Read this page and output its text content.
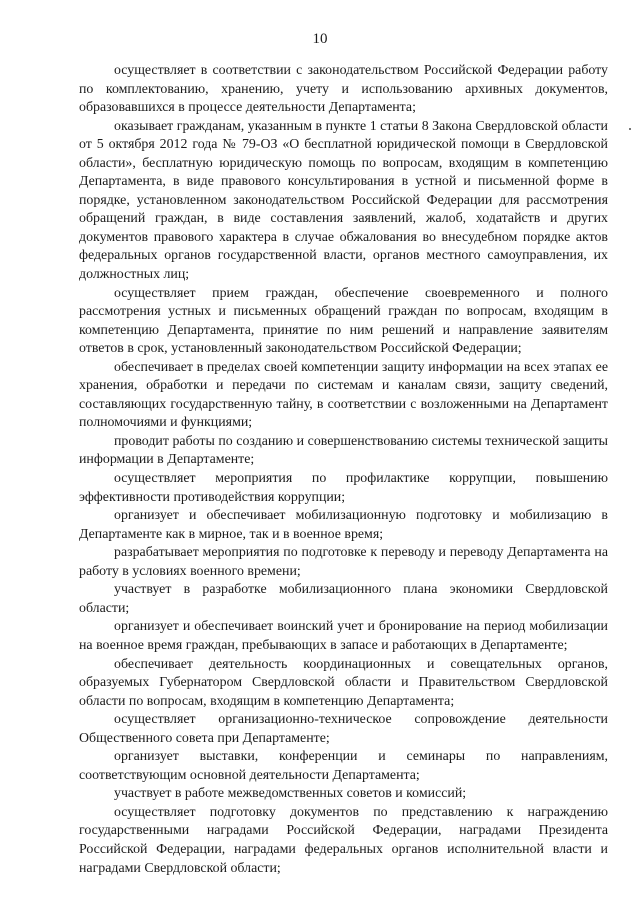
10

осуществляет в соответствии с законодательством Российской Федерации работу по комплектованию, хранению, учету и использованию архивных документов, образовавшихся в процессе деятельности Департамента;

оказывает гражданам, указанным в пункте 1 статьи 8 Закона Свердловской области от 5 октября 2012 года № 79-ОЗ «О бесплатной юридической помощи в Свердловской области», бесплатную юридическую помощь по вопросам, входящим в компетенцию Департамента, в виде правового консультирования в устной и письменной форме в порядке, установленном законодательством Российской Федерации для рассмотрения обращений граждан, в виде составления заявлений, жалоб, ходатайств и других документов правового характера в случае обжалования во внесудебном порядке актов федеральных органов государственной власти, органов местного самоуправления, их должностных лиц;

осуществляет прием граждан, обеспечение своевременного и полного рассмотрения устных и письменных обращений граждан по вопросам, входящим в компетенцию Департамента, принятие по ним решений и направление заявителям ответов в срок, установленный законодательством Российской Федерации;

обеспечивает в пределах своей компетенции защиту информации на всех этапах ее хранения, обработки и передачи по системам и каналам связи, защиту сведений, составляющих государственную тайну, в соответствии с возложенными на Департамент полномочиями и функциями;

проводит работы по созданию и совершенствованию системы технической защиты информации в Департаменте;

осуществляет мероприятия по профилактике коррупции, повышению эффективности противодействия коррупции;

организует и обеспечивает мобилизационную подготовку и мобилизацию в Департаменте как в мирное, так и в военное время;

разрабатывает мероприятия по подготовке к переводу и переводу Департамента на работу в условиях военного времени;

участвует в разработке мобилизационного плана экономики Свердловской области;

организует и обеспечивает воинский учет и бронирование на период мобилизации на военное время граждан, пребывающих в запасе и работающих в Департаменте;

обеспечивает деятельность координационных и совещательных органов, образуемых Губернатором Свердловской области и Правительством Свердловской области по вопросам, входящим в компетенцию Департамента;

осуществляет организационно-техническое сопровождение деятельности Общественного совета при Департаменте;

организует выставки, конференции и семинары по направлениям, соответствующим основной деятельности Департамента;

участвует в работе межведомственных советов и комиссий;

осуществляет подготовку документов по представлению к награждению государственными наградами Российской Федерации, наградами Президента Российской Федерации, наградами федеральных органов исполнительной власти и наградами Свердловской области;
